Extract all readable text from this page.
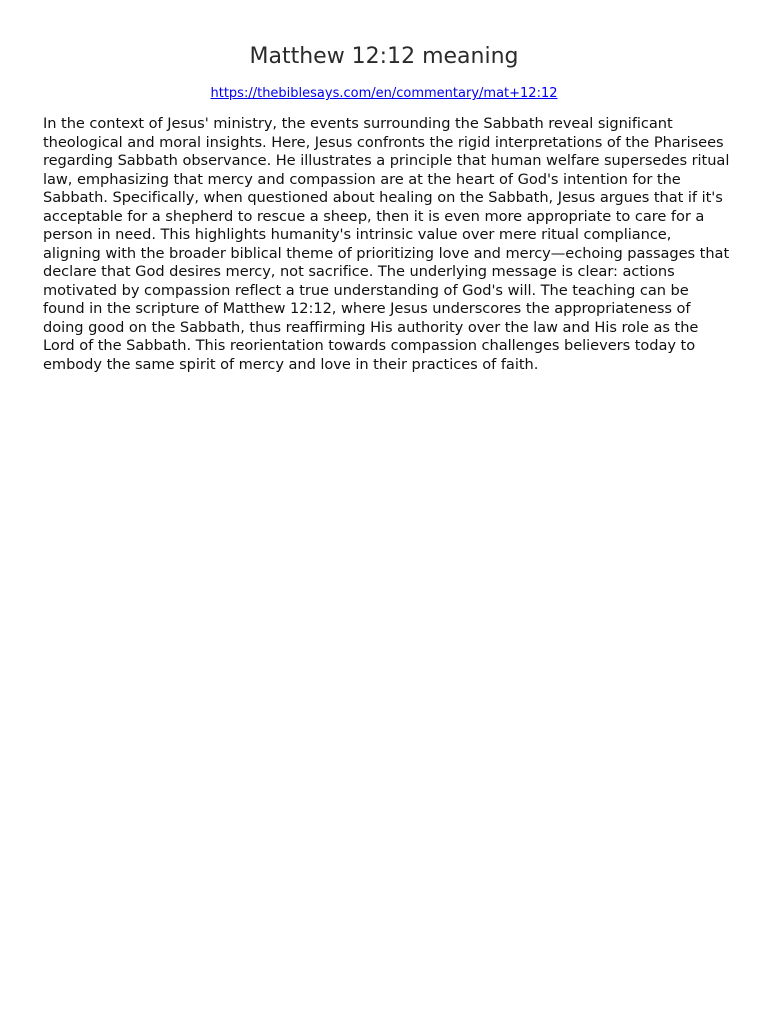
Matthew 12:12 meaning
https://thebiblesays.com/en/commentary/mat+12:12

In the context of Jesus' ministry, the events surrounding the Sabbath reveal significant theological and moral insights. Here, Jesus confronts the rigid interpretations of the Pharisees regarding Sabbath observance. He illustrates a principle that human welfare supersedes ritual law, emphasizing that mercy and compassion are at the heart of God's intention for the Sabbath. Specifically, when questioned about healing on the Sabbath, Jesus argues that if it's acceptable for a shepherd to rescue a sheep, then it is even more appropriate to care for a person in need. This highlights humanity's intrinsic value over mere ritual compliance, aligning with the broader biblical theme of prioritizing love and mercy—echoing passages that declare that God desires mercy, not sacrifice. The underlying message is clear: actions motivated by compassion reflect a true understanding of God's will. The teaching can be found in the scripture of Matthew 12:12, where Jesus underscores the appropriateness of doing good on the Sabbath, thus reaffirming His authority over the law and His role as the Lord of the Sabbath. This reorientation towards compassion challenges believers today to embody the same spirit of mercy and love in their practices of faith.
